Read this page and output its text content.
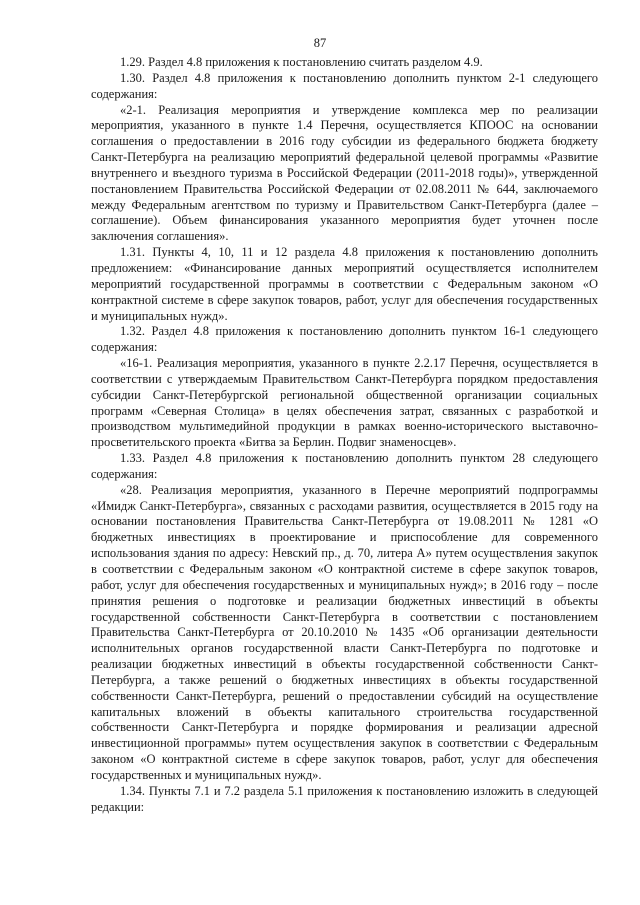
87

1.29. Раздел 4.8 приложения к постановлению считать разделом 4.9.

1.30. Раздел 4.8 приложения к постановлению дополнить пунктом 2-1 следующего содержания:

«2-1. Реализация мероприятия и утверждение комплекса мер по реализации мероприятия, указанного в пункте 1.4 Перечня, осуществляется КПООС на основании соглашения о предоставлении в 2016 году субсидии из федерального бюджета бюджету Санкт-Петербурга на реализацию мероприятий федеральной целевой программы «Развитие внутреннего и въездного туризма в Российской Федерации (2011-2018 годы)», утвержденной постановлением Правительства Российской Федерации от 02.08.2011 № 644, заключаемого между Федеральным агентством по туризму и Правительством Санкт-Петербурга (далее – соглашение). Объем финансирования указанного мероприятия будет уточнен после заключения соглашения».

1.31. Пункты 4, 10, 11 и 12 раздела 4.8 приложения к постановлению дополнить предложением: «Финансирование данных мероприятий осуществляется исполнителем мероприятий государственной программы в соответствии с Федеральным законом «О контрактной системе в сфере закупок товаров, работ, услуг для обеспечения государственных и муниципальных нужд».

1.32. Раздел 4.8 приложения к постановлению дополнить пунктом 16-1 следующего содержания:

«16-1. Реализация мероприятия, указанного в пункте 2.2.17 Перечня, осуществляется в соответствии с утверждаемым Правительством Санкт-Петербурга порядком предоставления субсидии Санкт-Петербургской региональной общественной организации социальных программ «Северная Столица» в целях обеспечения затрат, связанных с разработкой и производством мультимедийной продукции в рамках военно-исторического выставочно-просветительского проекта «Битва за Берлин. Подвиг знаменосцев».

1.33. Раздел 4.8 приложения к постановлению дополнить пунктом 28 следующего содержания:

«28. Реализация мероприятия, указанного в Перечне мероприятий подпрограммы «Имидж Санкт-Петербурга», связанных с расходами развития, осуществляется в 2015 году на основании постановления Правительства Санкт-Петербурга от 19.08.2011 № 1281 «О бюджетных инвестициях в проектирование и приспособление для современного использования здания по адресу: Невский пр., д. 70, литера А» путем осуществления закупок в соответствии с Федеральным законом «О контрактной системе в сфере закупок товаров, работ, услуг для обеспечения государственных и муниципальных нужд»; в 2016 году – после принятия решения о подготовке и реализации бюджетных инвестиций в объекты государственной собственности Санкт-Петербурга в соответствии с постановлением Правительства Санкт-Петербурга от 20.10.2010 № 1435 «Об организации деятельности исполнительных органов государственной власти Санкт-Петербурга по подготовке и реализации бюджетных инвестиций в объекты государственной собственности Санкт-Петербурга, а также решений о бюджетных инвестициях в объекты государственной собственности Санкт-Петербурга, решений о предоставлении субсидий на осуществление капитальных вложений в объекты капитального строительства государственной собственности Санкт-Петербурга и порядке формирования и реализации адресной инвестиционной программы» путем осуществления закупок в соответствии с Федеральным законом «О контрактной системе в сфере закупок товаров, работ, услуг для обеспечения государственных и муниципальных нужд».

1.34. Пункты 7.1 и 7.2 раздела 5.1 приложения к постановлению изложить в следующей редакции:
